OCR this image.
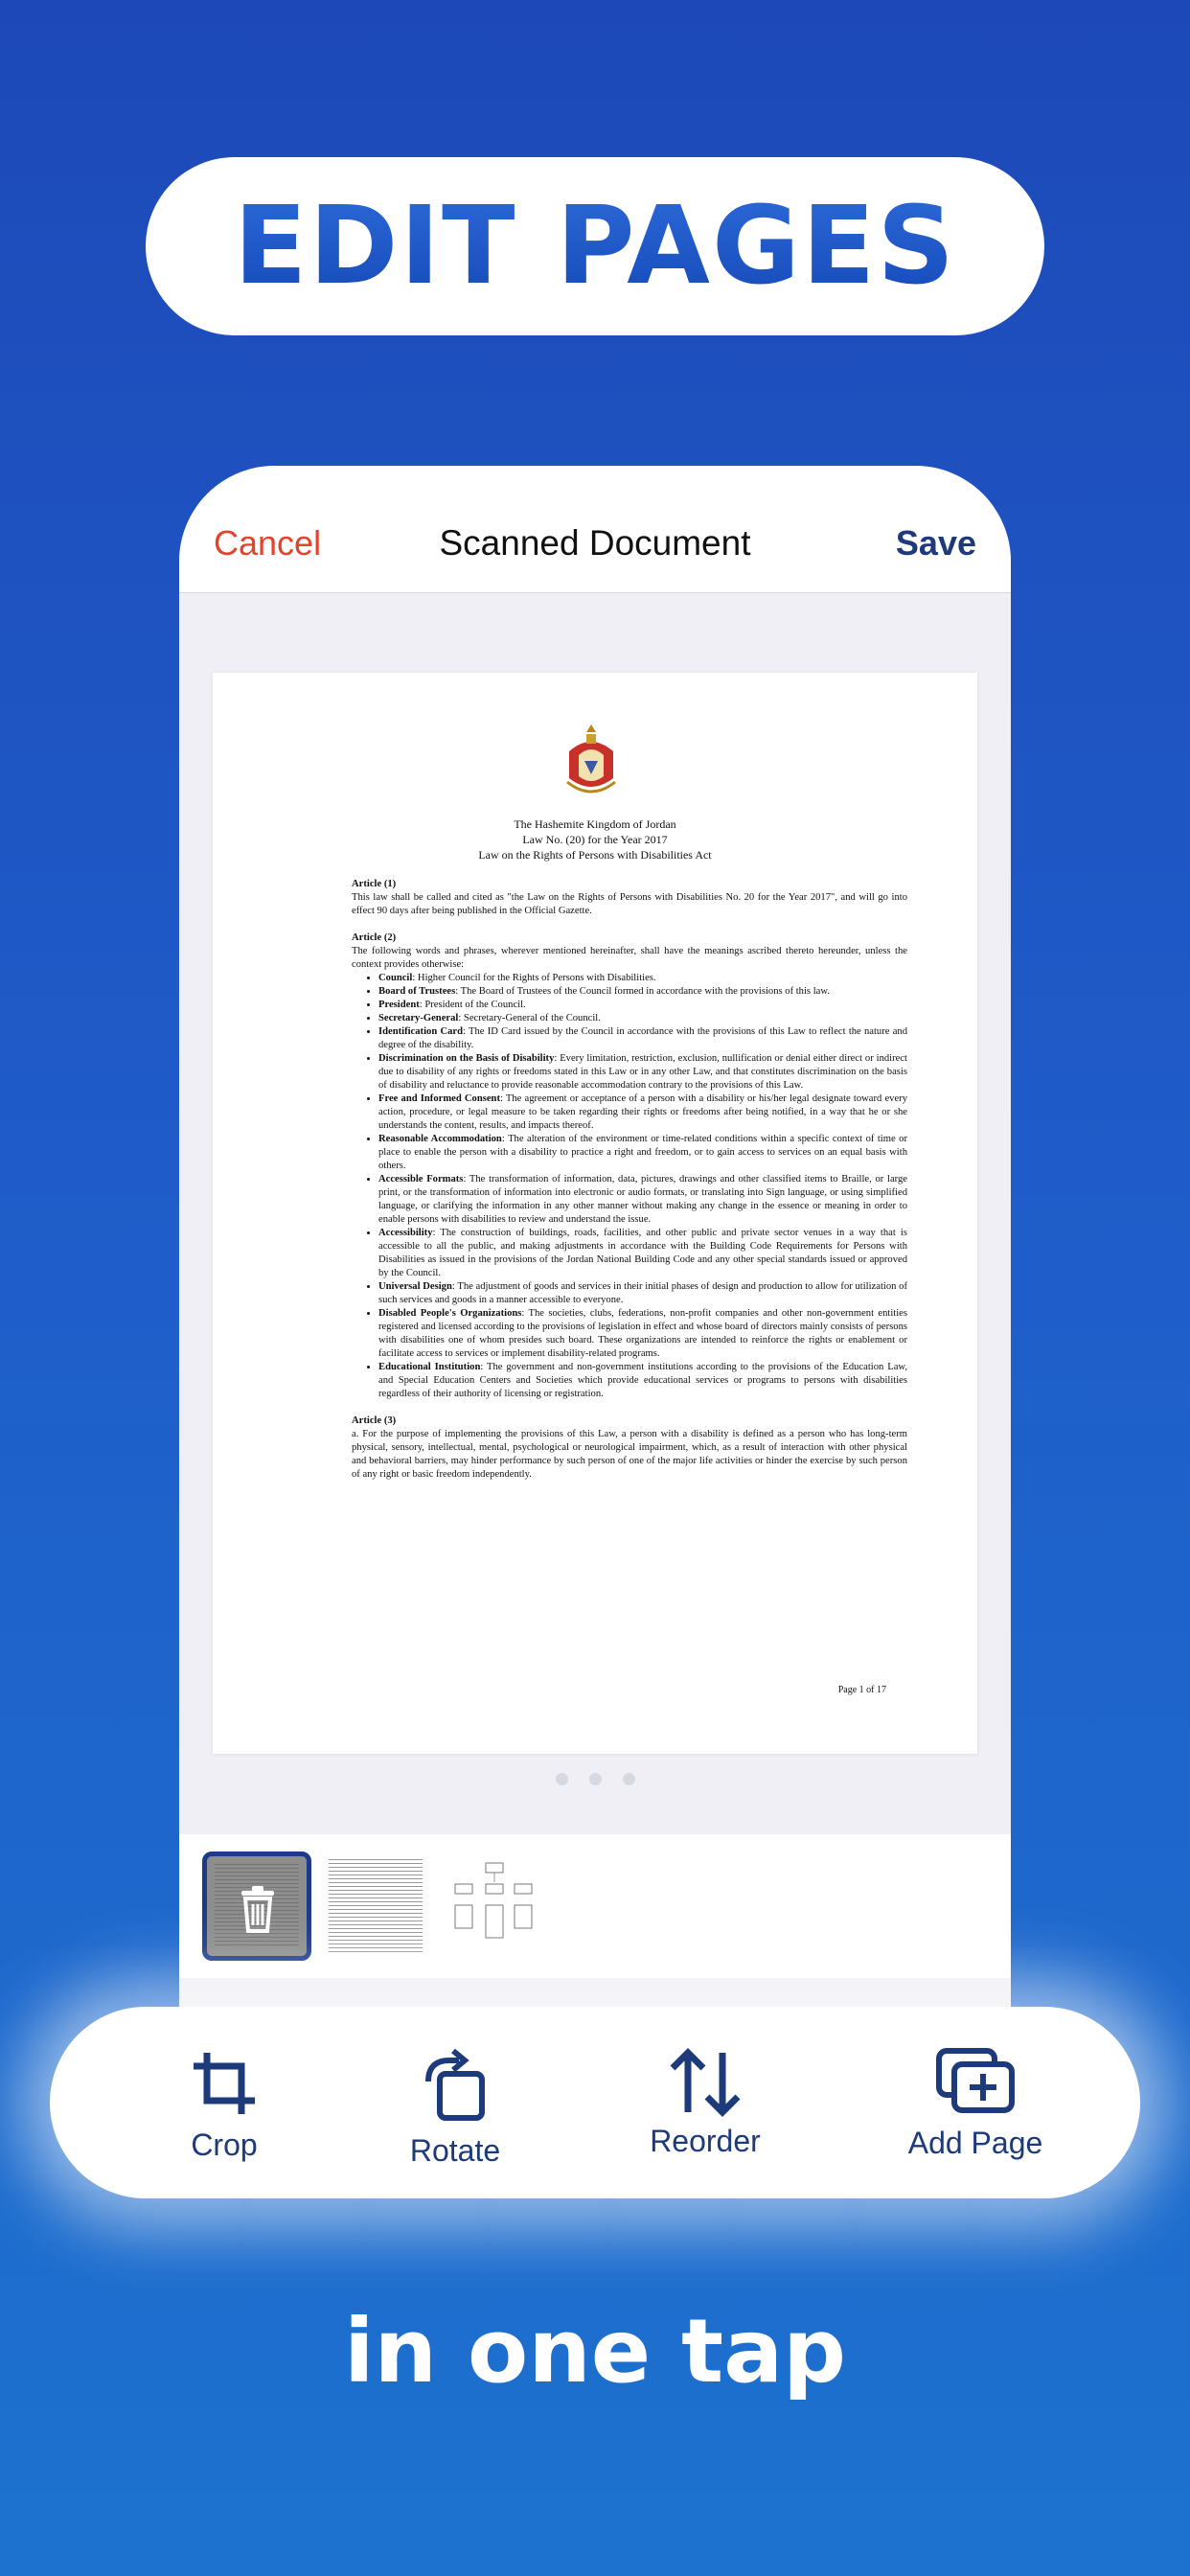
EDIT PAGES
Cancel	Scanned Document	Save
The Hashemite Kingdom of Jordan
Law No. (20) for the Year 2017
Law on the Rights of Persons with Disabilities Act

Article (1)

This law shall be called and cited as "the Law on the Rights of Persons with Disabilities No. 20 for the Year 2017", and will go into effect 90 days after being published in the Official Gazette.

Article (2)

The following words and phrases, wherever mentioned hereinafter, shall have the meanings ascribed thereto hereunder, unless the context provides otherwise:

• Council: Higher Council for the Rights of Persons with Disabilities.
• Board of Trustees: The Board of Trustees of the Council formed in accordance with the provisions of this law.
• President: President of the Council.
• Secretary-General: Secretary-General of the Council.
• Identification Card: The ID Card issued by the Council in accordance with the provisions of this Law to reflect the nature and degree of the disability.
• Discrimination on the Basis of Disability: Every limitation, restriction, exclusion, nullification or denial either direct or indirect due to disability of any rights or freedoms stated in this Law or in any other Law, and that constitutes discrimination on the basis of disability and reluctance to provide reasonable accommodation contrary to the provisions of this Law.
• Free and Informed Consent: The agreement or acceptance of a person with a disability or his/her legal designate toward every action, procedure, or legal measure to be taken regarding their rights or freedoms after being notified, in a way that he or she understands the content, results, and impacts thereof.
• Reasonable Accommodation: The alteration of the environment or time-related conditions within a specific context of time or place to enable the person with a disability to practice a right and freedom, or to gain access to services on an equal basis with others.
• Accessible Formats: The transformation of information, data, pictures, drawings and other classified items to Braille, or large print, or the transformation of information into electronic or audio formats, or translating into Sign language, or using simplified language, or clarifying the information in any other manner without making any change in the essence or meaning in order to enable persons with disabilities to review and understand the issue.
• Accessibility: The construction of buildings, roads, facilities, and other public and private sector venues in a way that is accessible to all the public, and making adjustments in accordance with the Building Code Requirements for Persons with Disabilities as issued in the provisions of the Jordan National Building Code and any other special standards issued or approved by the Council.
• Universal Design: The adjustment of goods and services in their initial phases of design and production to allow for utilization of such services and goods in a manner accessible to everyone.
• Disabled People's Organizations: The societies, clubs, federations, non-profit companies and other non-government entities registered and licensed according to the provisions of legislation in effect and whose board of directors mainly consists of persons with disabilities one of whom presides such board. These organizations are intended to reinforce the rights or enablement or facilitate access to services or implement disability-related programs.
• Educational Institution: The government and non-government institutions according to the provisions of the Education Law, and Special Education Centers and Societies which provide educational services or programs to persons with disabilities regardless of their authority of licensing or registration.

Article (3)

a. For the purpose of implementing the provisions of this Law, a person with a disability is defined as a person who has long-term physical, sensory, intellectual, mental, psychological or neurological impairment, which, as a result of interaction with other physical and behavioral barriers, may hinder performance by such person of one of the major life activities or hinder the exercise by such person of any right or basic freedom independently.

Page 1 of 17
Crop	Rotate	Reorder	Add Page
in one tap
